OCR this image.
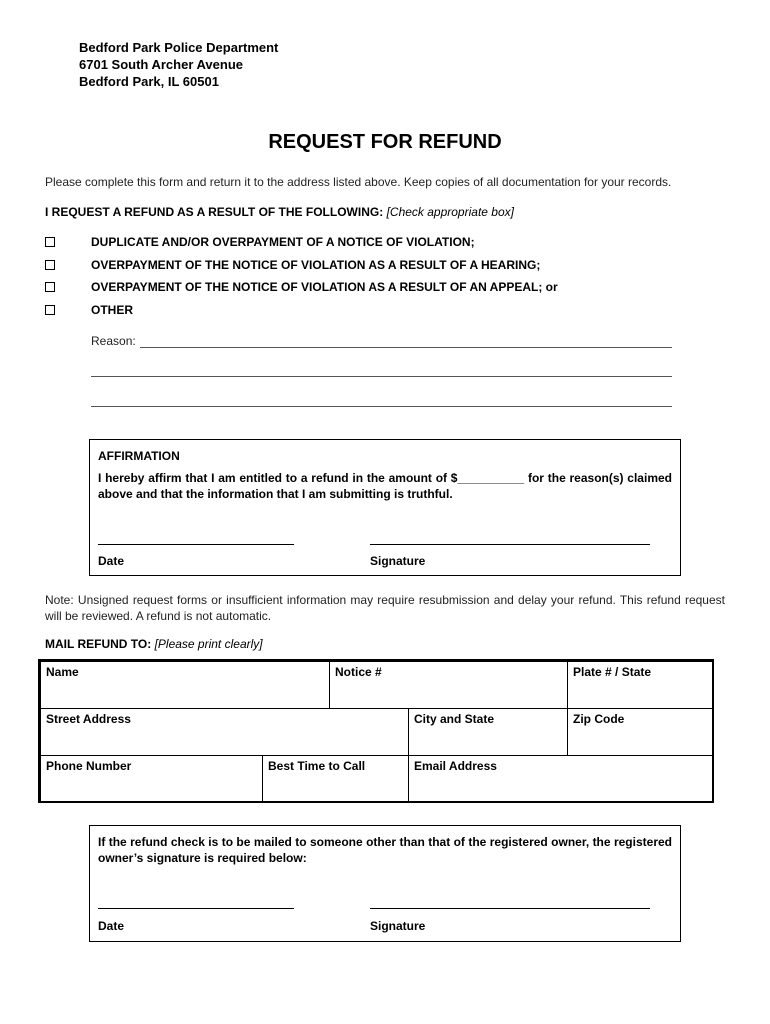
Bedford Park Police Department
6701 South Archer Avenue
Bedford Park, IL 60501
REQUEST FOR REFUND
Please complete this form and return it to the address listed above. Keep copies of all documentation for your records.
I REQUEST A REFUND AS A RESULT OF THE FOLLOWING: [Check appropriate box]
DUPLICATE AND/OR OVERPAYMENT OF A NOTICE OF VIOLATION;
OVERPAYMENT OF THE NOTICE OF VIOLATION AS A RESULT OF A HEARING;
OVERPAYMENT OF THE NOTICE OF VIOLATION AS A RESULT OF AN APPEAL; or
OTHER
Reason:
AFFIRMATION
I hereby affirm that I am entitled to a refund in the amount of $__________ for the reason(s) claimed above and that the information that I am submitting is truthful.
Date	Signature
Note: Unsigned request forms or insufficient information may require resubmission and delay your refund. This refund request will be reviewed. A refund is not automatic.
MAIL REFUND TO: [Please print clearly]
Name	Notice #	Plate # / State
Street Address	City and State	Zip Code
Phone Number	Best Time to Call	Email Address
If the refund check is to be mailed to someone other than that of the registered owner, the registered owner’s signature is required below:
Date	Signature
